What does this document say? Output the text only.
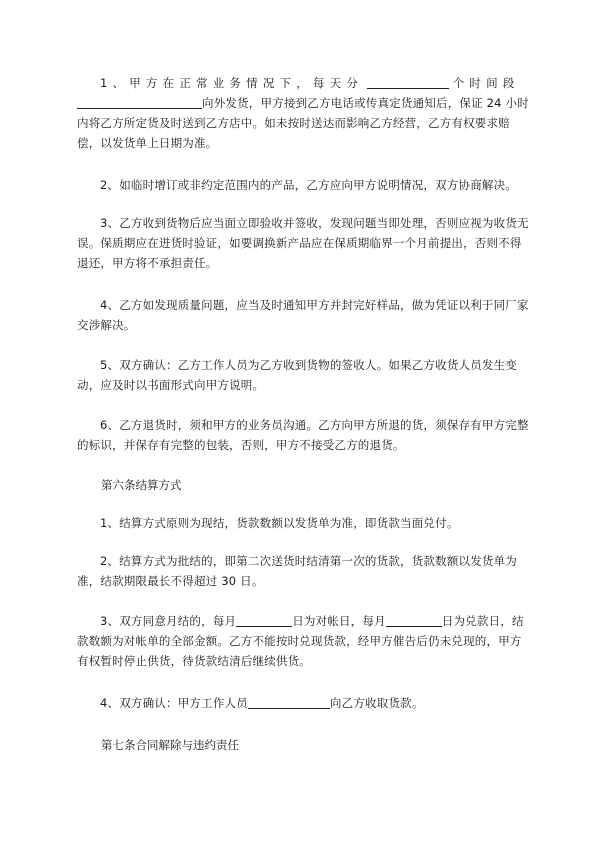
1、甲方在正常业务情况下，每天分	个时间段
向外发货，甲方接到乙方电话或传真定货通知后，保证 24 小时内将乙方所定货及时送到乙方店中。如未按时送达而影响乙方经营，乙方有权要求赔偿，以发货单上日期为准。

2、如临时增订或非约定范围内的产品，乙方应向甲方说明情况，双方协商解决。

3、乙方收到货物后应当面立即验收并签收，发现问题当即处理，否则应视为收货无误。保质期应在进货时验证，如要调换新产品应在保质期临界一个月前提出，否则不得退还，甲方将不承担责任。

4、乙方如发现质量问题，应当及时通知甲方并封完好样品，做为凭证以利于同厂家交涉解决。

5、双方确认：乙方工作人员为乙方收到货物的签收人。如果乙方收货人员发生变动，应及时以书面形式向甲方说明。

6、乙方退货时，须和甲方的业务员沟通。乙方向甲方所退的货，须保存有甲方完整的标识，并保存有完整的包装，否则，甲方不接受乙方的退货。

第六条结算方式

1、结算方式原则为现结，货款数额以发货单为准，即货款当面兑付。

2、结算方式为批结的，即第二次送货时结清第一次的货款，货款数额以发货单为准，结款期限最长不得超过 30 日。

3、双方同意月结的，每月	日为对帐日，每月	日为兑款日，结款数额为对帐单的全部金额。乙方不能按时兑现货款，经甲方催告后仍未兑现的，甲方有权暂时停止供货，待货款结清后继续供货。

4、双方确认：甲方工作人员	向乙方收取货款。

第七条合同解除与违约责任
